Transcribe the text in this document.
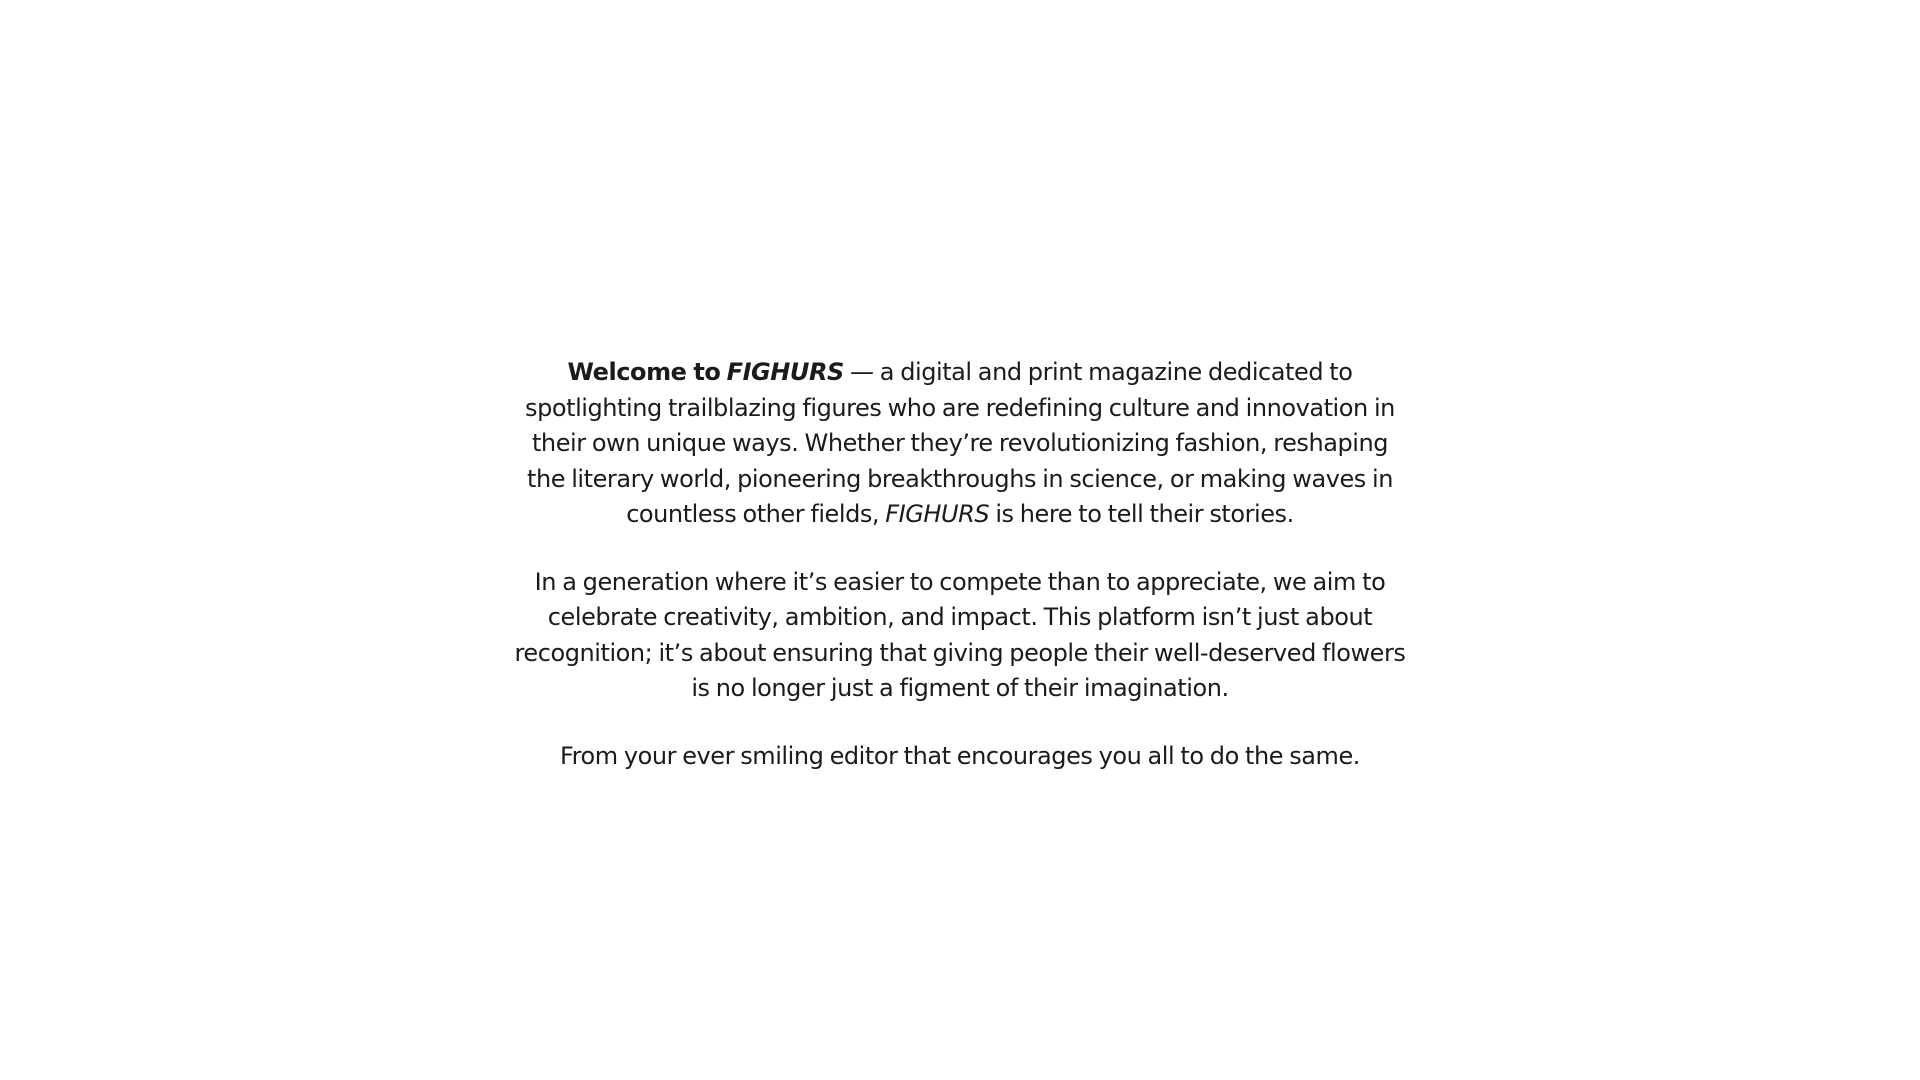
Welcome to FIGHURS — a digital and print magazine dedicated to spotlighting trailblazing figures who are redefining culture and innovation in their own unique ways. Whether they’re revolutionizing fashion, reshaping the literary world, pioneering breakthroughs in science, or making waves in countless other fields, FIGHURS is here to tell their stories.

In a generation where it’s easier to compete than to appreciate, we aim to celebrate creativity, ambition, and impact. This platform isn’t just about recognition; it’s about ensuring that giving people their well-deserved flowers is no longer just a figment of their imagination.

From your ever smiling editor that encourages you all to do the same.
